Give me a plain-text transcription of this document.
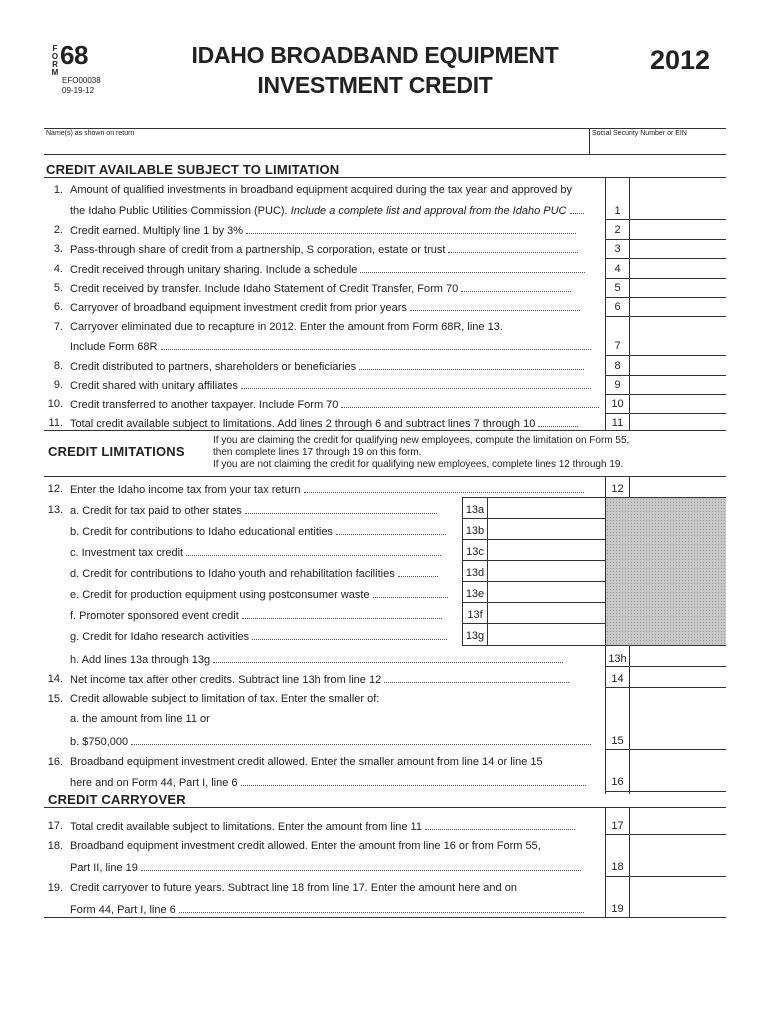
F
O
R
M
68
EFO00038
09-19-12
IDAHO BROADBAND EQUIPMENT
INVESTMENT CREDIT
2012
Name(s) as shown on return	Social Security Number or EIN
CREDIT AVAILABLE SUBJECT TO LIMITATION
1. Amount of qualified investments in broadband equipment acquired during the tax year and approved by
the Idaho Public Utilities Commission (PUC). Include a complete list and approval from the Idaho PUC	1
2. Credit earned. Multiply line 1 by 3%	2
3. Pass-through share of credit from a partnership, S corporation, estate or trust	3
4. Credit received through unitary sharing. Include a schedule	4
5. Credit received by transfer. Include Idaho Statement of Credit Transfer, Form 70	5
6. Carryover of broadband equipment investment credit from prior years	6
7. Carryover eliminated due to recapture in 2012. Enter the amount from Form 68R, line 13.
Include Form 68R	7
8. Credit distributed to partners, shareholders or beneficiaries	8
9. Credit shared with unitary affiliates	9
10. Credit transferred to another taxpayer. Include Form 70	10
11. Total credit available subject to limitations. Add lines 2 through 6 and subtract lines 7 through 10	11
CREDIT LIMITATIONS
If you are claiming the credit for qualifying new employees, compute the limitation on Form 55,
then complete lines 17 through 19 on this form.
If you are not claiming the credit for qualifying new employees, complete lines 12 through 19.
12. Enter the Idaho income tax from your tax return	12
13. a. Credit for tax paid to other states	13a
b. Credit for contributions to Idaho educational entities	13b
c. Investment tax credit	13c
d. Credit for contributions to Idaho youth and rehabilitation facilities	13d
e. Credit for production equipment using postconsumer waste	13e
f. Promoter sponsored event credit	13f
g. Credit for Idaho research activities	13g
h. Add lines 13a through 13g	13h
14. Net income tax after other credits. Subtract line 13h from line 12	14
15. Credit allowable subject to limitation of tax. Enter the smaller of:
a. the amount from line 11 or
b. $750,000	15
16. Broadband equipment investment credit allowed. Enter the smaller amount from line 14 or line 15
here and on Form 44, Part I, line 6	16
CREDIT CARRYOVER
17. Total credit available subject to limitations. Enter the amount from line 11	17
18. Broadband equipment investment credit allowed. Enter the amount from line 16 or from Form 55,
Part II, line 19	18
19. Credit carryover to future years. Subtract line 18 from line 17. Enter the amount here and on
Form 44, Part I, line 6	19
